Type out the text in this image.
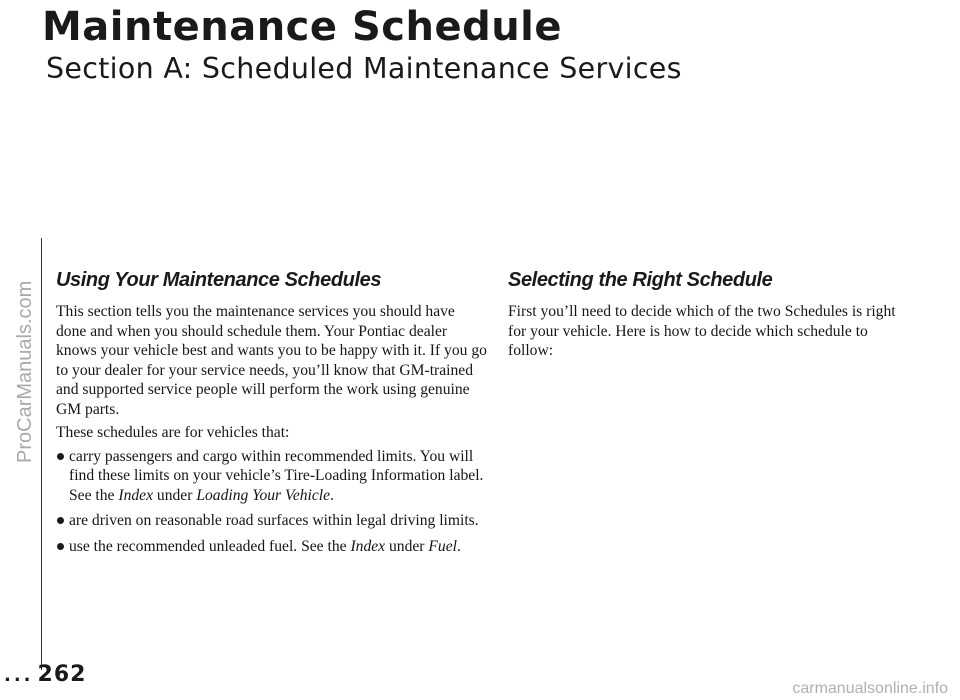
Maintenance Schedule
Section A: Scheduled Maintenance Services
ProCarManuals.com
Using Your Maintenance Schedules

This section tells you the maintenance services you should have done and when you should schedule them. Your Pontiac dealer knows your vehicle best and wants you to be happy with it. If you go to your dealer for your service needs, you’ll know that GM-trained and supported service people will perform the work using genuine GM parts.

These schedules are for vehicles that:

carry passengers and cargo within recommended limits. You will find these limits on your vehicle’s Tire-Loading Information label. See the Index under Loading Your Vehicle.
are driven on reasonable road surfaces within legal driving limits.
use the recommended unleaded fuel. See the Index under Fuel.
Selecting the Right Schedule

First you’ll need to decide which of the two Schedules is right for your vehicle. Here is how to decide which schedule to follow:

... 262
carmanualsonline.info
